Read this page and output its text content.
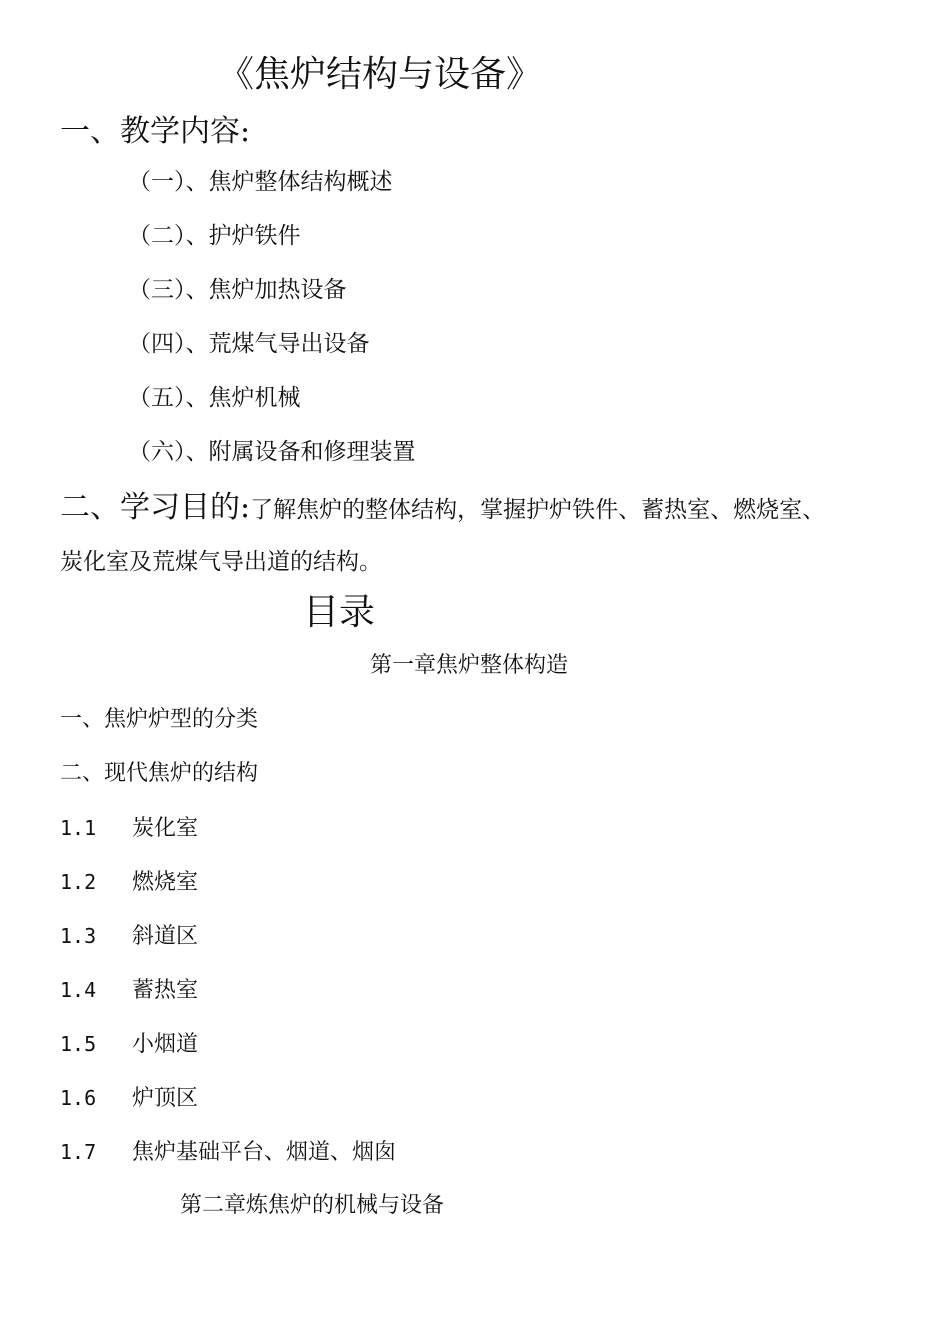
《焦炉结构与设备》
一、教学内容:
（一）、焦炉整体结构概述
（二）、护炉铁件
（三）、焦炉加热设备
（四）、荒煤气导出设备
（五）、焦炉机械
（六）、附属设备和修理装置
二、学习目的:了解焦炉的整体结构，掌握护炉铁件、蓄热室、燃烧室、
炭化室及荒煤气导出道的结构。
目录
第一章焦炉整体构造
一、焦炉炉型的分类
二、现代焦炉的结构
1.1 炭化室
1.2 燃烧室
1.3 斜道区
1.4 蓄热室
1.5 小烟道
1.6 炉顶区
1.7 焦炉基础平台、烟道、烟囱
第二章炼焦炉的机械与设备
